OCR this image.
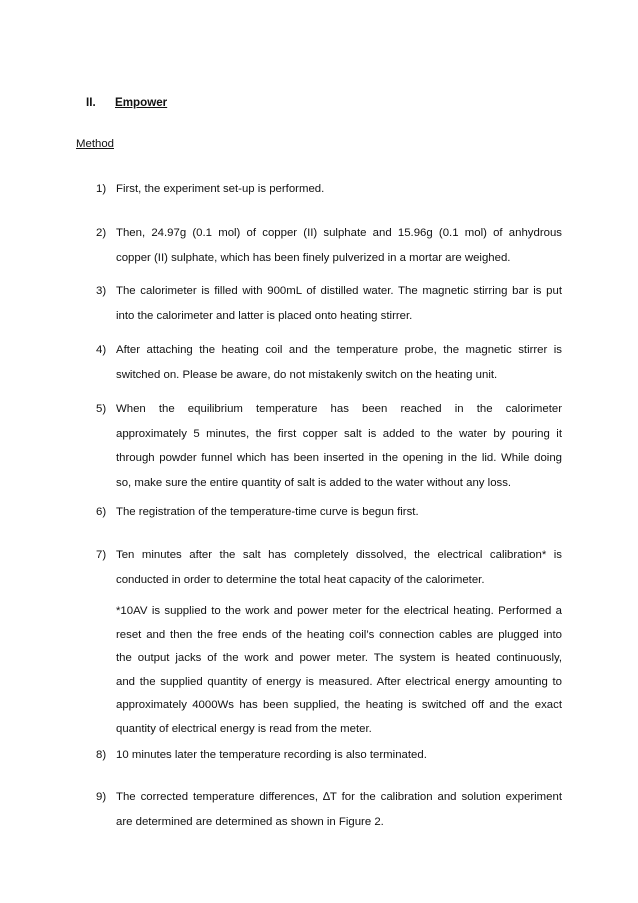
II. Empower
Method
1) First, the experiment set-up is performed.
2) Then, 24.97g (0.1 mol) of copper (II) sulphate and 15.96g (0.1 mol) of anhydrous
copper (II) sulphate, which has been finely pulverized in a mortar are weighed.
3) The calorimeter is filled with 900mL of distilled water. The magnetic stirring bar is put
into the calorimeter and latter is placed onto heating stirrer.
4) After attaching the heating coil and the temperature probe, the magnetic stirrer is
switched on. Please be aware, do not mistakenly switch on the heating unit.
5) When the equilibrium temperature has been reached in the calorimeter
approximately 5 minutes, the first copper salt is added to the water by pouring it
through powder funnel which has been inserted in the opening in the lid. While doing
so, make sure the entire quantity of salt is added to the water without any loss.
6) The registration of the temperature-time curve is begun first.
7) Ten minutes after the salt has completely dissolved, the electrical calibration* is
conducted in order to determine the total heat capacity of the calorimeter.
*10AV is supplied to the work and power meter for the electrical heating. Performed a
reset and then the free ends of the heating coil’s connection cables are plugged into
the output jacks of the work and power meter. The system is heated continuously,
and the supplied quantity of energy is measured. After electrical energy amounting to
approximately 4000Ws has been supplied, the heating is switched off and the exact
quantity of electrical energy is read from the meter.
8) 10 minutes later the temperature recording is also terminated.
9) The corrected temperature differences, ∆T for the calibration and solution experiment
are determined are determined as shown in Figure 2.
